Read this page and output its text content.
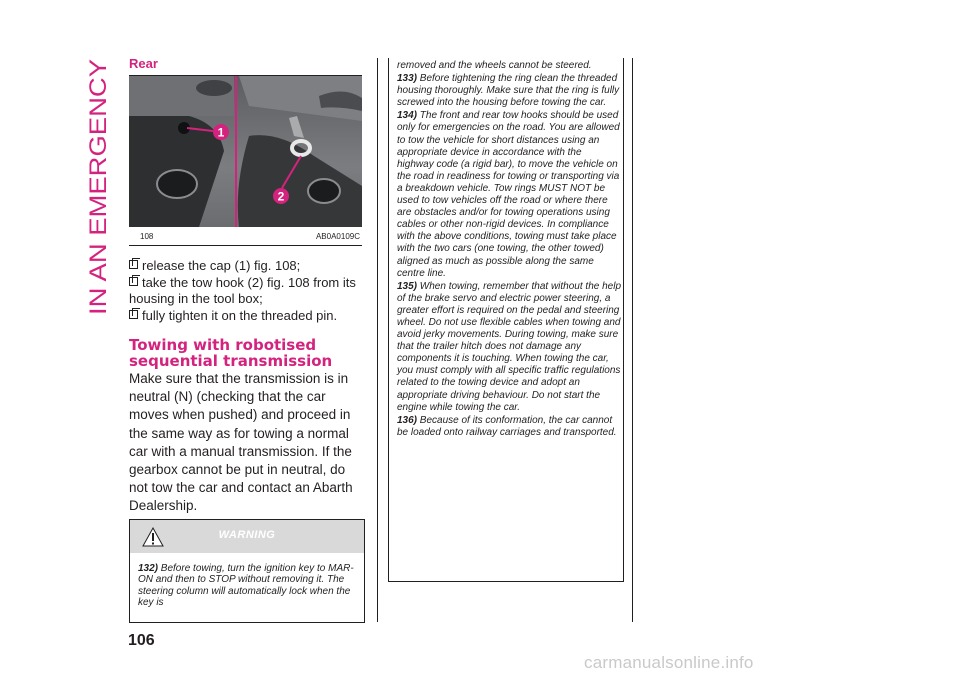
IN AN EMERGENCY
106
carmanualsonline.info
Rear
1
2
108	AB0A0109C
release the cap (1) fig. 108;
take the tow hook (2) fig. 108 from its housing in the tool box;
fully tighten it on the threaded pin.
Towing with robotised sequential transmission
Make sure that the transmission is in neutral (N) (checking that the car moves when pushed) and proceed in the same way as for towing a normal car with a manual transmission. If the gearbox cannot be put in neutral, do not tow the car and contact an Abarth Dealership.
WARNING
132) Before towing, turn the ignition key to MAR-ON and then to STOP without removing it. The steering column will automatically lock when the key is

removed and the wheels cannot be steered.

133) Before tightening the ring clean the threaded housing thoroughly. Make sure that the ring is fully screwed into the housing before towing the car.

134) The front and rear tow hooks should be used only for emergencies on the road. You are allowed to tow the vehicle for short distances using an appropriate device in accordance with the highway code (a rigid bar), to move the vehicle on the road in readiness for towing or transporting via a breakdown vehicle. Tow rings MUST NOT be used to tow vehicles off the road or where there are obstacles and/or for towing operations using cables or other non-rigid devices. In compliance with the above conditions, towing must take place with the two cars (one towing, the other towed) aligned as much as possible along the same centre line.

135) When towing, remember that without the help of the brake servo and electric power steering, a greater effort is required on the pedal and steering wheel. Do not use flexible cables when towing and avoid jerky movements. During towing, make sure that the trailer hitch does not damage any components it is touching. When towing the car, you must comply with all specific traffic regulations related to the towing device and adopt an appropriate driving behaviour. Do not start the engine while towing the car.

136) Because of its conformation, the car cannot be loaded onto railway carriages and transported.
